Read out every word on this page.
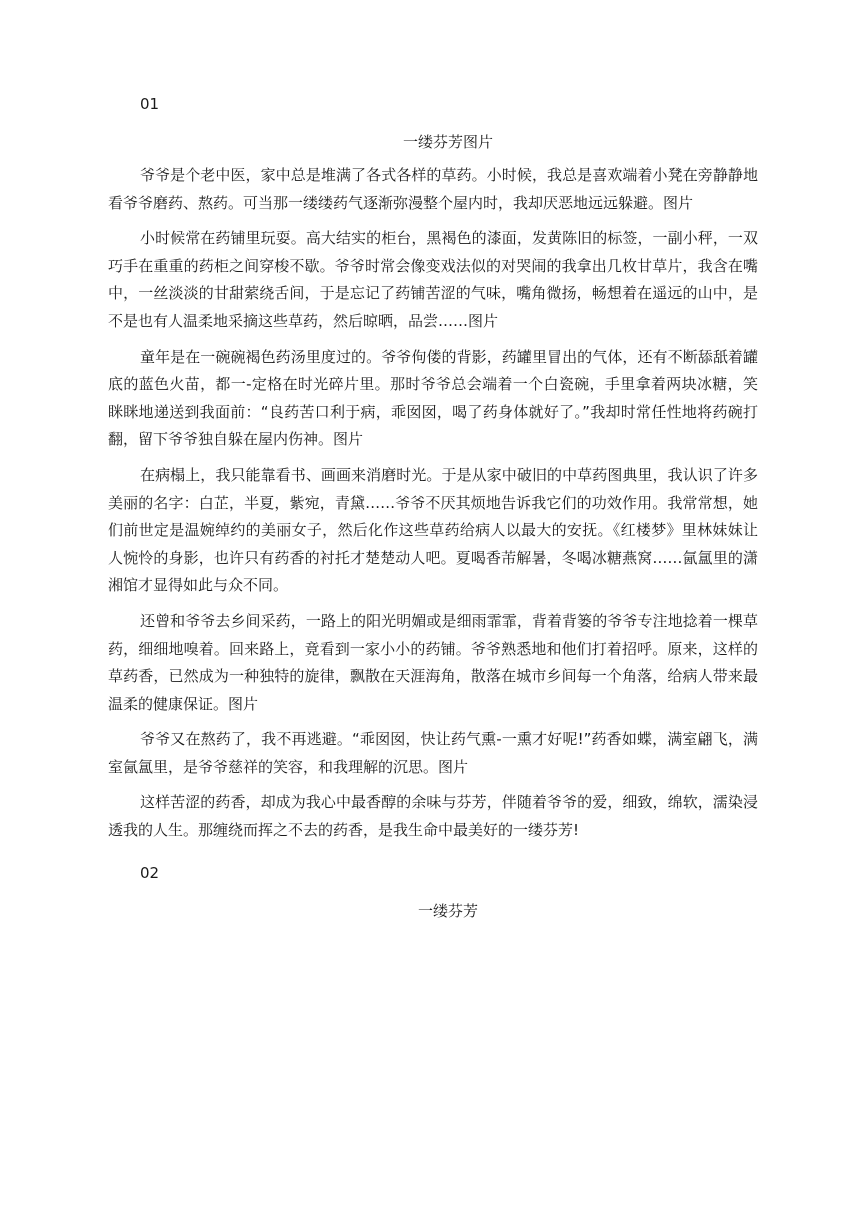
01

一缕芬芳图片

爷爷是个老中医，家中总是堆满了各式各样的草药。小时候，我总是喜欢端着小凳在旁静静地看爷爷磨药、熬药。可当那一缕缕药气逐渐弥漫整个屋内时，我却厌恶地远远躲避。图片

小时候常在药铺里玩耍。高大结实的柜台，黑褐色的漆面，发黄陈旧的标签，一副小秤，一双巧手在重重的药柜之间穿梭不歇。爷爷时常会像变戏法似的对哭闹的我拿出几枚甘草片，我含在嘴中，一丝淡淡的甘甜萦绕舌间，于是忘记了药铺苦涩的气味，嘴角微扬，畅想着在遥远的山中，是不是也有人温柔地采摘这些草药，然后晾晒，品尝……图片

童年是在一碗碗褐色药汤里度过的。爷爷佝偻的背影，药罐里冒出的气体，还有不断舔舐着罐底的蓝色火苗，都一-定格在时光碎片里。那时爷爷总会端着一个白瓷碗，手里拿着两块冰糖，笑眯眯地递送到我面前：“良药苦口利于病，乖囡囡，喝了药身体就好了。”我却时常任性地将药碗打翻，留下爷爷独自躲在屋内伤神。图片

在病榻上，我只能靠看书、画画来消磨时光。于是从家中破旧的中草药图典里，我认识了许多美丽的名字：白芷，半夏，紫宛，青黛……爷爷不厌其烦地告诉我它们的功效作用。我常常想，她们前世定是温婉绰约的美丽女子，然后化作这些草药给病人以最大的安抚。《红楼梦》里林妹妹让人惋怜的身影，也许只有药香的衬托才楚楚动人吧。夏喝香芾解暑，冬喝冰糖燕窝……氤氲里的潇湘馆才显得如此与众不同。

还曾和爷爷去乡间采药，一路上的阳光明媚或是细雨霏霏，背着背篓的爷爷专注地捻着一棵草药，细细地嗅着。回来路上，竟看到一家小小的药铺。爷爷熟悉地和他们打着招呼。原来，这样的草药香，已然成为一种独特的旋律，飘散在天涯海角，散落在城市乡间每一个角落，给病人带来最温柔的健康保证。图片

爷爷又在熬药了，我不再逃避。“乖囡囡，快让药气熏-一熏才好呢!”药香如蝶，满室翩飞，满室氤氲里，是爷爷慈祥的笑容，和我理解的沉思。图片

这样苦涩的药香，却成为我心中最香醇的余味与芬芳，伴随着爷爷的爱，细致，绵软，濡染浸透我的人生。那缠绕而挥之不去的药香，是我生命中最美好的一缕芬芳!

02

一缕芬芳
